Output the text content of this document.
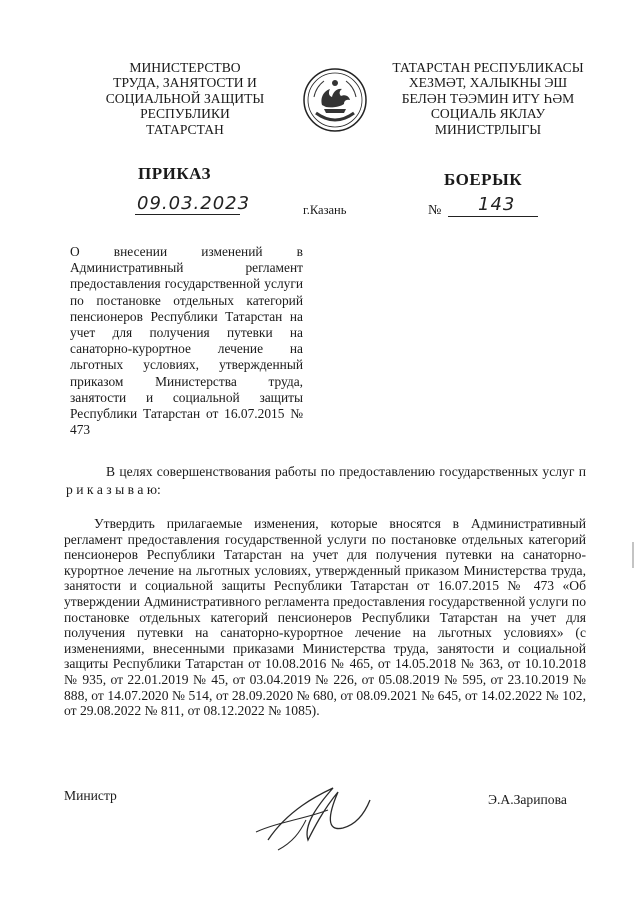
МИНИСТЕРСТВО
ТРУДА, ЗАНЯТОСТИ И
СОЦИАЛЬНОЙ ЗАЩИТЫ
РЕСПУБЛИКИ
ТАТАРСТАН
ТАТАРСТАН РЕСПУБЛИКАСЫ
ХЕЗМӘТ, ХАЛЫКНЫ ЭШ
БЕЛӘН ТӘЭМИН ИТҮ ҺӘМ
СОЦИАЛЬ ЯКЛАУ
МИНИСТРЛЫГЫ
ПРИКАЗ	БОЕРЫК
09.03.2023	г.Казань	№ 143
О внесении изменений в Административный регламент предоставления государственной услуги по постановке отдельных категорий пенсионеров Республики Татарстан на учет для получения путевки на санаторно-курортное лечение на льготных условиях, утвержденный приказом Министерства труда, занятости и социальной защиты Республики Татарстан от 16.07.2015 № 473
В целях совершенствования работы по предоставлению государственных услуг п р и к а з ы в а ю:
Утвердить прилагаемые изменения, которые вносятся в Административный регламент предоставления государственной услуги по постановке отдельных категорий пенсионеров Республики Татарстан на учет для получения путевки на санаторно-курортное лечение на льготных условиях, утвержденный приказом Министерства труда, занятости и социальной защиты Республики Татарстан от 16.07.2015 № 473 «Об утверждении Административного регламента предоставления государственной услуги по постановке отдельных категорий пенсионеров Республики Татарстан на учет для получения путевки на санаторно-курортное лечение на льготных условиях» (с изменениями, внесенными приказами Министерства труда, занятости и социальной защиты Республики Татарстан от 10.08.2016 № 465, от 14.05.2018 № 363, от 10.10.2018 № 935, от 22.01.2019 № 45, от 03.04.2019 № 226, от 05.08.2019 № 595, от 23.10.2019 № 888, от 14.07.2020 № 514, от 28.09.2020 № 680, от 08.09.2021 № 645, от 14.02.2022 № 102, от 29.08.2022 № 811, от 08.12.2022 № 1085).
Министр	Э.А.Зарипова
